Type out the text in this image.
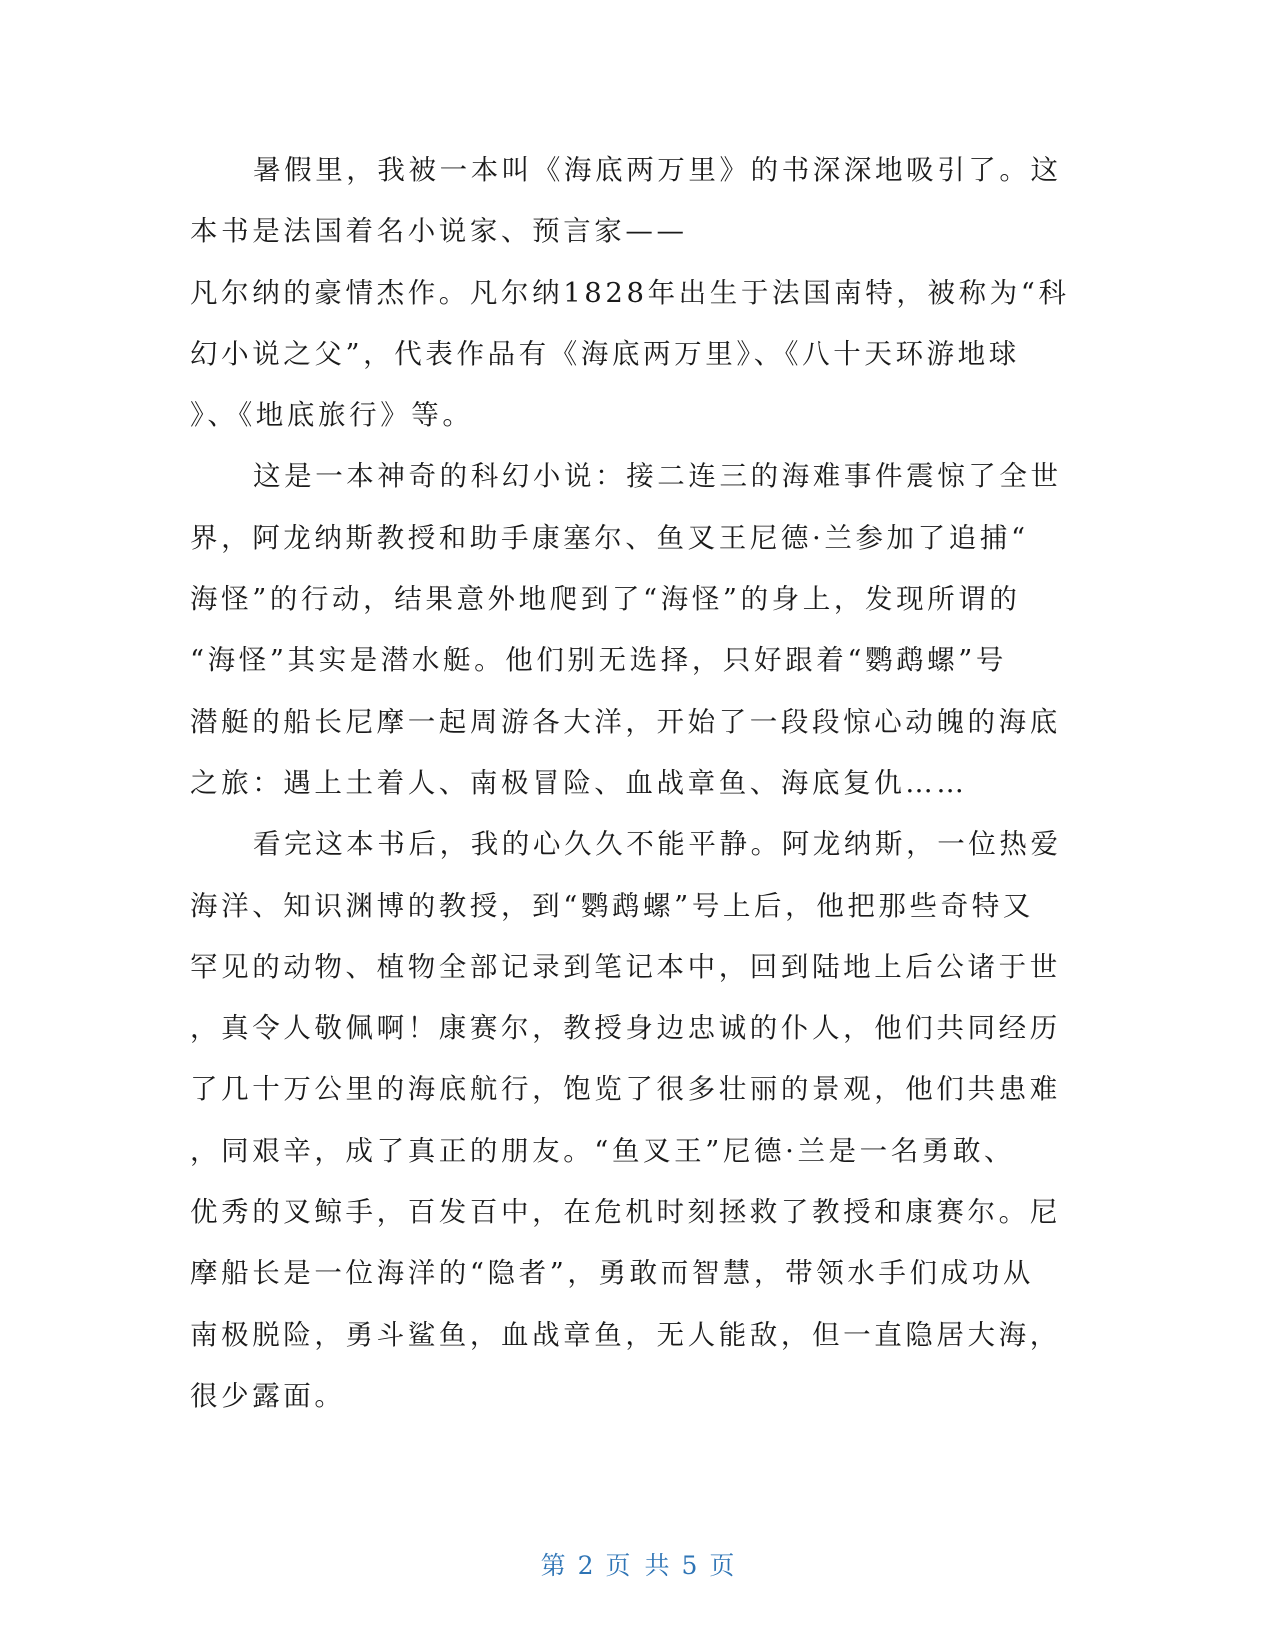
暑假里，我被一本叫《海底两万里》的书深深地吸引了。这
本书是法国着名小说家、预言家——
凡尔纳的豪情杰作。凡尔纳1828年出生于法国南特，被称为“科
幻小说之父”，代表作品有《海底两万里》、《八十天环游地球
》、《地底旅行》等。
这是一本神奇的科幻小说：接二连三的海难事件震惊了全世
界，阿龙纳斯教授和助手康塞尔、鱼叉王尼德·兰参加了追捕“
海怪”的行动，结果意外地爬到了“海怪”的身上，发现所谓的
“海怪”其实是潜水艇。他们别无选择，只好跟着“鹦鹉螺”号
潜艇的船长尼摩一起周游各大洋，开始了一段段惊心动魄的海底
之旅：遇上土着人、南极冒险、血战章鱼、海底复仇……
看完这本书后，我的心久久不能平静。阿龙纳斯，一位热爱
海洋、知识渊博的教授，到“鹦鹉螺”号上后，他把那些奇特又
罕见的动物、植物全部记录到笔记本中，回到陆地上后公诸于世
，真令人敬佩啊！康赛尔，教授身边忠诚的仆人，他们共同经历
了几十万公里的海底航行，饱览了很多壮丽的景观，他们共患难
，同艰辛，成了真正的朋友。“鱼叉王”尼德·兰是一名勇敢、
优秀的叉鲸手，百发百中，在危机时刻拯救了教授和康赛尔。尼
摩船长是一位海洋的“隐者”，勇敢而智慧，带领水手们成功从
南极脱险，勇斗鲨鱼，血战章鱼，无人能敌，但一直隐居大海，
很少露面。
第 2 页 共 5 页
